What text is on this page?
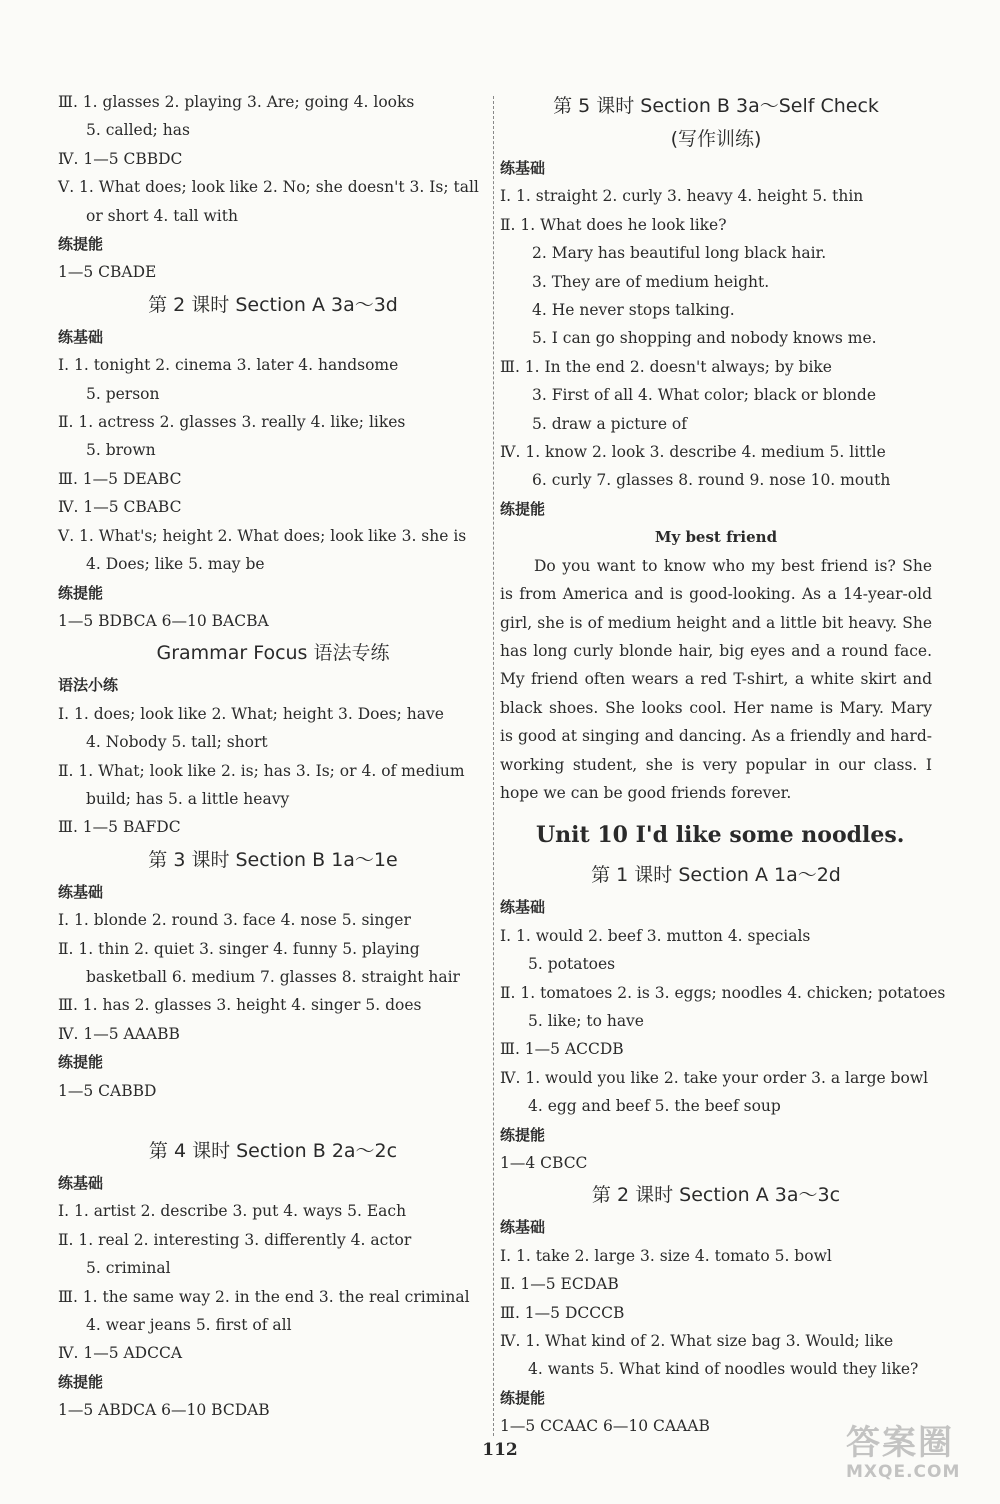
Ⅲ. 1. glasses 2. playing 3. Are; going 4. looks
5. called; has
Ⅳ. 1—5 CBBDC
Ⅴ. 1. What does; look like 2. No; she doesn't 3. Is; tall
or short 4. tall with
练提能
1—5 CBADE
第 2 课时 Section A 3a～3d
练基础
Ⅰ. 1. tonight 2. cinema 3. later 4. handsome
5. person
Ⅱ. 1. actress 2. glasses 3. really 4. like; likes
5. brown
Ⅲ. 1—5 DEABC
Ⅳ. 1—5 CBABC
Ⅴ. 1. What's; height 2. What does; look like 3. she is
4. Does; like 5. may be
练提能
1—5 BDBCA 6—10 BACBA
Grammar Focus 语法专练
语法小练
Ⅰ. 1. does; look like 2. What; height 3. Does; have
4. Nobody 5. tall; short
Ⅱ. 1. What; look like 2. is; has 3. Is; or 4. of medium
build; has 5. a little heavy
Ⅲ. 1—5 BAFDC
第 3 课时 Section B 1a～1e
练基础
Ⅰ. 1. blonde 2. round 3. face 4. nose 5. singer
Ⅱ. 1. thin 2. quiet 3. singer 4. funny 5. playing
basketball 6. medium 7. glasses 8. straight hair
Ⅲ. 1. has 2. glasses 3. height 4. singer 5. does
Ⅳ. 1—5 AAABB
练提能
1—5 CABBD
第 4 课时 Section B 2a～2c
练基础
Ⅰ. 1. artist 2. describe 3. put 4. ways 5. Each
Ⅱ. 1. real 2. interesting 3. differently 4. actor
5. criminal
Ⅲ. 1. the same way 2. in the end 3. the real criminal
4. wear jeans 5. first of all
Ⅳ. 1—5 ADCCA
练提能
1—5 ABDCA 6—10 BCDAB
第 5 课时 Section B 3a～Self Check
(写作训练)
练基础
Ⅰ. 1. straight 2. curly 3. heavy 4. height 5. thin
Ⅱ. 1. What does he look like?
2. Mary has beautiful long black hair.
3. They are of medium height.
4. He never stops talking.
5. I can go shopping and nobody knows me.
Ⅲ. 1. In the end 2. doesn't always; by bike
3. First of all 4. What color; black or blonde
5. draw a picture of
Ⅳ. 1. know 2. look 3. describe 4. medium 5. little
6. curly 7. glasses 8. round 9. nose 10. mouth
练提能
My best friend
Do you want to know who my best friend is? She is from America and is good-looking. As a 14-year-old girl, she is of medium height and a little bit heavy. She has long curly blonde hair, big eyes and a round face. My friend often wears a red T-shirt, a white skirt and black shoes. She looks cool. Her name is Mary. Mary is good at singing and dancing. As a friendly and hard-working student, she is very popular in our class. I hope we can be good friends forever.
Unit 10 I'd like some noodles.
第 1 课时 Section A 1a～2d
练基础
Ⅰ. 1. would 2. beef 3. mutton 4. specials
5. potatoes
Ⅱ. 1. tomatoes 2. is 3. eggs; noodles 4. chicken; potatoes
5. like; to have
Ⅲ. 1—5 ACCDB
Ⅳ. 1. would you like 2. take your order 3. a large bowl
4. egg and beef 5. the beef soup
练提能
1—4 CBCC
第 2 课时 Section A 3a～3c
练基础
Ⅰ. 1. take 2. large 3. size 4. tomato 5. bowl
Ⅱ. 1—5 ECDAB
Ⅲ. 1—5 DCCCB
Ⅳ. 1. What kind of 2. What size bag 3. Would; like
4. wants 5. What kind of noodles would they like?
练提能
1—5 CCAAC 6—10 CAAAB
112	答案圈
MXQE.COM
